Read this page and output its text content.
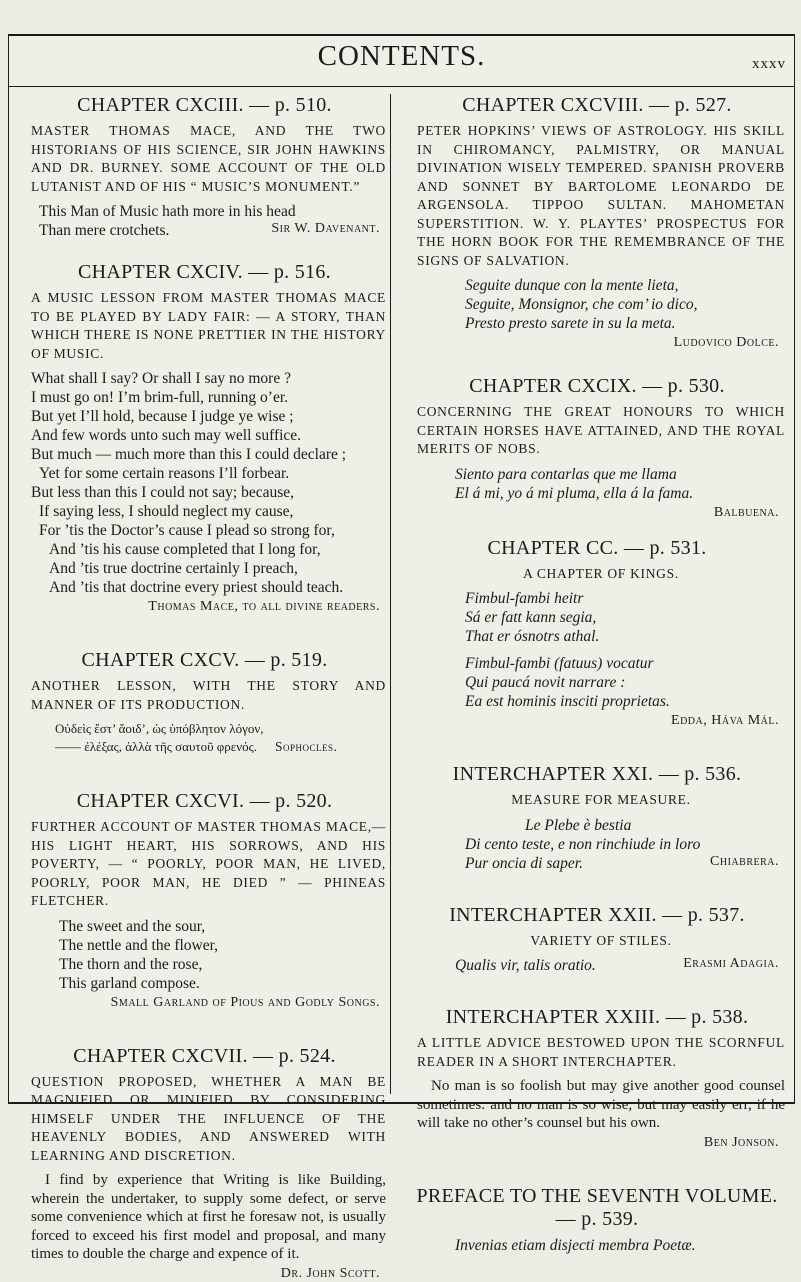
CONTENTS.	xxxv
CHAPTER CXCIII. — p. 510.
MASTER THOMAS MACE, AND THE TWO HISTORIANS OF HIS SCIENCE, SIR JOHN HAWKINS AND DR. BURNEY. SOME ACCOUNT OF THE OLD LUTANIST AND OF HIS “ MUSIC’S MONUMENT.”
This Man of Music hath more in his head
Than mere crotchets.	Sir W. Davenant.
CHAPTER CXCIV. — p. 516.
A MUSIC LESSON FROM MASTER THOMAS MACE TO BE PLAYED BY LADY FAIR: — A STORY, THAN WHICH THERE IS NONE PRETTIER IN THE HISTORY OF MUSIC.
What shall I say? Or shall I say no more ?
I must go on! I’m brim-full, running o’er.
But yet I’ll hold, because I judge ye wise ;
And few words unto such may well suffice.
But much — much more than this I could declare ;
Yet for some certain reasons I’ll forbear.
But less than this I could not say; because,
If saying less, I should neglect my cause,
For ’tis the Doctor’s cause I plead so strong for,
And ’tis his cause completed that I long for,
And ’tis true doctrine certainly I preach,
And ’tis that doctrine every priest should teach.
Thomas Mace, to all divine readers.
CHAPTER CXCV. — p. 519.
ANOTHER LESSON, WITH THE STORY AND MANNER OF ITS PRODUCTION.
Οὐδεὶς ἔστ’ ἄοιδ’, ὡς ὑπόβλητον λόγον,
—— ἐλέξας, ἀλλὰ τῆς σαυτοῦ φρενός. Sophocles.
CHAPTER CXCVI. — p. 520.
FURTHER ACCOUNT OF MASTER THOMAS MACE,— HIS LIGHT HEART, HIS SORROWS, AND HIS POVERTY, — “ POORLY, POOR MAN, HE LIVED, POORLY, POOR MAN, HE DIED ” — PHINEAS FLETCHER.
The sweet and the sour,
The nettle and the flower,
The thorn and the rose,
This garland compose.
Small Garland of Pious and Godly Songs.
CHAPTER CXCVII. — p. 524.
QUESTION PROPOSED, WHETHER A MAN BE MAGNIFIED OR MINIFIED BY CONSIDERING HIMSELF UNDER THE INFLUENCE OF THE HEAVENLY BODIES, AND ANSWERED WITH LEARNING AND DISCRETION.
I find by experience that Writing is like Building, wherein the undertaker, to supply some defect, or serve some convenience which at first he foresaw not, is usually forced to exceed his first model and proposal, and many times to double the charge and expence of it.
Dr. John Scott.
CHAPTER CXCVIII. — p. 527.
PETER HOPKINS’ VIEWS OF ASTROLOGY. HIS SKILL IN CHIROMANCY, PALMISTRY, OR MANUAL DIVINATION WISELY TEMPERED. SPANISH PROVERB AND SONNET BY BARTOLOME LEONARDO DE ARGENSOLA. TIPPOO SULTAN. MAHOMETAN SUPERSTITION. W. Y. PLAYTES’ PROSPECTUS FOR THE HORN BOOK FOR THE REMEMBRANCE OF THE SIGNS OF SALVATION.
Seguite dunque con la mente lieta,
Seguite, Monsignor, che com’ io dico,
Presto presto sarete in su la meta.
Ludovico Dolce.
CHAPTER CXCIX. — p. 530.
CONCERNING THE GREAT HONOURS TO WHICH CERTAIN HORSES HAVE ATTAINED, AND THE ROYAL MERITS OF NOBS.
Siento para contarlas que me llama
El á mi, yo á mi pluma, ella á la fama.
Balbuena.
CHAPTER CC. — p. 531.
A CHAPTER OF KINGS.
Fimbul-fambi heitr
Sá er fatt kann segia,
That er ósnotrs athal.
Fimbul-fambi (fatuus) vocatur
Qui paucá novit narrare :
Ea est hominis insciti proprietas.
Edda, Háva Mál.
INTERCHAPTER XXI. — p. 536.
MEASURE FOR MEASURE.
Le Plebe è bestia
Di cento teste, e non rinchiude in loro
Pur oncia di saper.	Chiabrera.
INTERCHAPTER XXII. — p. 537.
VARIETY OF STILES.
Qualis vir, talis oratio.	Erasmi Adagia.
INTERCHAPTER XXIII. — p. 538.
A LITTLE ADVICE BESTOWED UPON THE SCORNFUL READER IN A SHORT INTERCHAPTER.
No man is so foolish but may give another good counsel sometimes: and no man is so wise, but may easily err, if he will take no other’s counsel but his own.
Ben Jonson.
PREFACE TO THE SEVENTH VOLUME.
— p. 539.
Invenias etiam disjecti membra Poetæ.
